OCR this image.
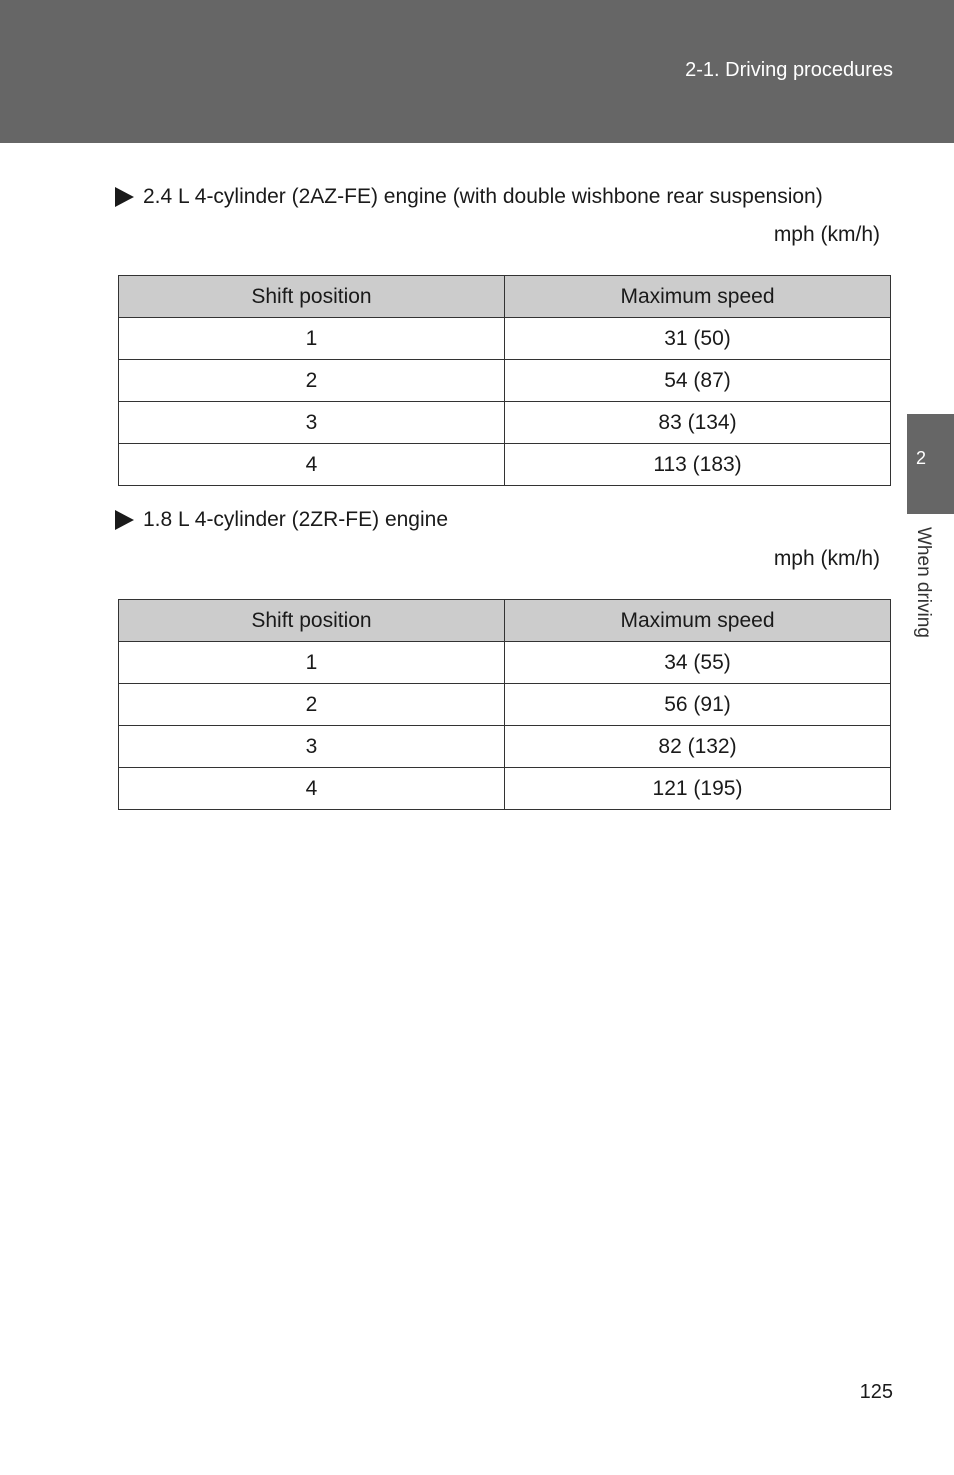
2-1. Driving procedures
2
When driving
2.4 L 4-cylinder (2AZ-FE) engine (with double wishbone rear suspension)
mph (km/h)
Shift position	Maximum speed
1	31 (50)
2	54 (87)
3	83 (134)
4	113 (183)
1.8 L 4-cylinder (2ZR-FE) engine
mph (km/h)
Shift position	Maximum speed
1	34 (55)
2	56 (91)
3	82 (132)
4	121 (195)
125
